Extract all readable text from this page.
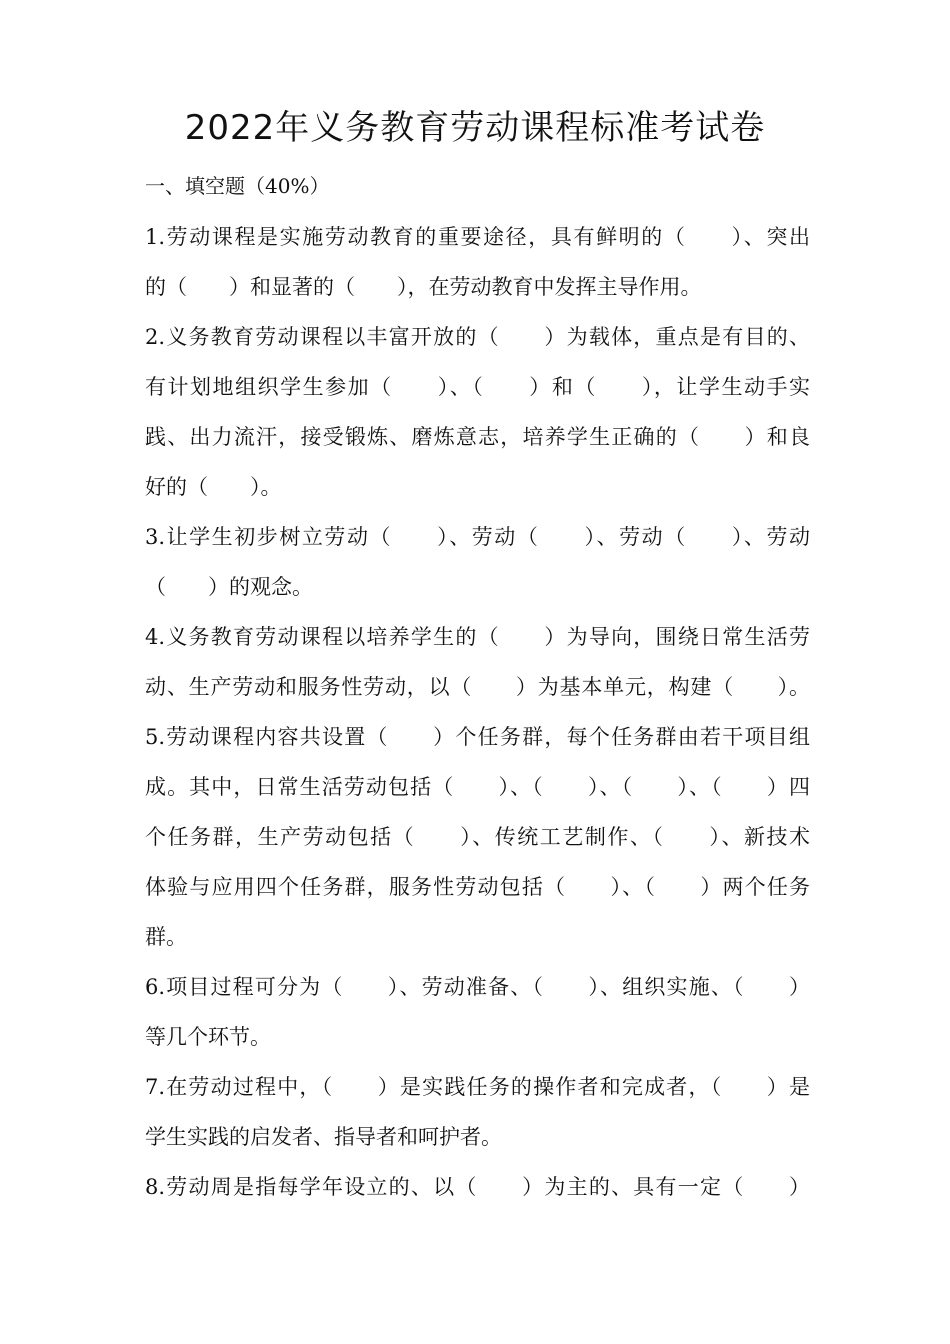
2022年义务教育劳动课程标准考试卷

一、填空题（40%）

1.劳动课程是实施劳动教育的重要途径，具有鲜明的（　　）、突出
的（　　）和显著的（　　），在劳动教育中发挥主导作用。
2.义务教育劳动课程以丰富开放的（　　）为载体，重点是有目的、
有计划地组织学生参加（　　）、（　　）和（　　），让学生动手实
践、出力流汗，接受锻炼、磨炼意志，培养学生正确的（　　）和良
好的（　　）。
3.让学生初步树立劳动（　　）、劳动（　　）、劳动（　　）、劳动
（　　）的观念。
4.义务教育劳动课程以培养学生的（　　）为导向，围绕日常生活劳
动、生产劳动和服务性劳动，以（　　）为基本单元，构建（　　）。
5.劳动课程内容共设置（　　）个任务群，每个任务群由若干项目组
成。其中，日常生活劳动包括（　　）、（　　）、（　　）、（　　）四
个任务群，生产劳动包括（　　）、传统工艺制作、（　　）、新技术
体验与应用四个任务群，服务性劳动包括（　　）、（　　）两个任务
群。
6.项目过程可分为（　　）、劳动准备、（　　）、组织实施、（　　）
等几个环节。
7.在劳动过程中，（　　）是实践任务的操作者和完成者，（　　）是
学生实践的启发者、指导者和呵护者。
8.劳动周是指每学年设立的、以（　　）为主的、具有一定（　　）
